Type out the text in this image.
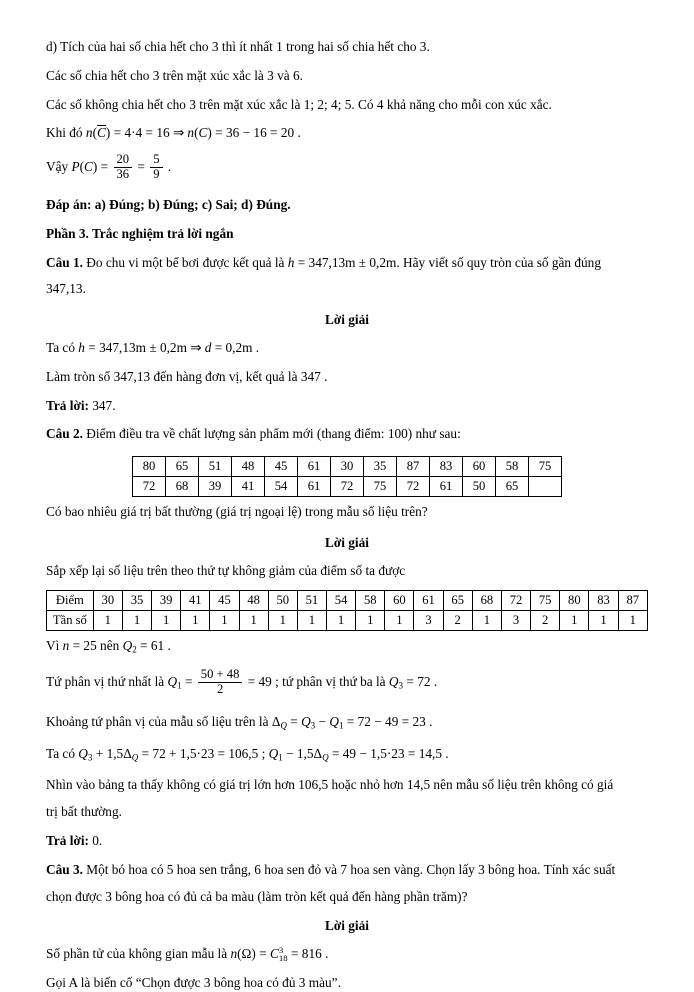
d) Tích của hai số chia hết cho 3 thì ít nhất 1 trong hai số chia hết cho 3.

Các số chia hết cho 3 trên mặt xúc xắc là 3 và 6.

Các số không chia hết cho 3 trên mặt xúc xắc là 1; 2; 4; 5. Có 4 khả năng cho mỗi con xúc xắc.

Khi đó n(C) = 4·4 = 16 ⇒ n(C) = 36 − 16 = 20 .

Vậy $P(C) = \frac{20}{36} = \frac{5}{9}$ .

Đáp án: a) Đúng; b) Đúng; c) Sai; d) Đúng.

Phần 3. Trắc nghiệm trả lời ngắn

Câu 1. Đo chu vi một bể bơi được kết quả là h = 347,13m ± 0,2m. Hãy viết số quy tròn của số gần đúng

347,13.

Lời giải

Ta có h = 347,13m ± 0,2m ⇒ d = 0,2m .

Làm tròn số 347,13 đến hàng đơn vị, kết quả là 347 .

Trả lời: 347.

Câu 2. Điểm điều tra về chất lượng sản phẩm mới (thang điểm: 100) như sau:

80	65	51	48	45	61	30	35	87	83	60	58	75
72	68	39	41	54	61	72	75	72	61	50	65	

Có bao nhiêu giá trị bất thường (giá trị ngoại lệ) trong mẫu số liệu trên?

Lời giải

Sắp xếp lại số liệu trên theo thứ tự không giảm của điểm số ta được

Điểm	30	35	39	41	45	48	50	51	54	58	60	61	65	68	72	75	80	83	87
Tần số	1	1	1	1	1	1	1	1	1	1	1	3	2	1	3	2	1	1	1

Vì n = 25 nên $Q_2 = 61$ .

Tứ phân vị thứ nhất là $Q_1 = \frac{50 + 48}{2} = 49$ ; tứ phân vị thứ ba là $Q_3 = 72$ .

Khoảng tứ phân vị của mẫu số liệu trên là $\Delta_Q = Q_3 - Q_1 = 72 - 49 = 23$ .

Ta có $Q_3 + 1,5\Delta_Q = 72 + 1,5\cdot 23 = 106,5$ ; $Q_1 - 1,5\Delta_Q = 49 - 1,5\cdot 23 = 14,5$ .

Nhìn vào bảng ta thấy không có giá trị lớn hơn 106,5 hoặc nhỏ hơn 14,5 nên mẫu số liệu trên không có giá

trị bất thường.

Trả lời: 0.

Câu 3. Một bó hoa có 5 hoa sen trắng, 6 hoa sen đỏ và 7 hoa sen vàng. Chọn lấy 3 bông hoa. Tính xác suất

chọn được 3 bông hoa có đủ cả ba màu (làm tròn kết quả đến hàng phần trăm)?

Lời giải

Số phần tử của không gian mẫu là n(Ω) = C 3
18 = 816 .

Gọi A là biến cố “Chọn được 3 bông hoa có đủ 3 màu”.
